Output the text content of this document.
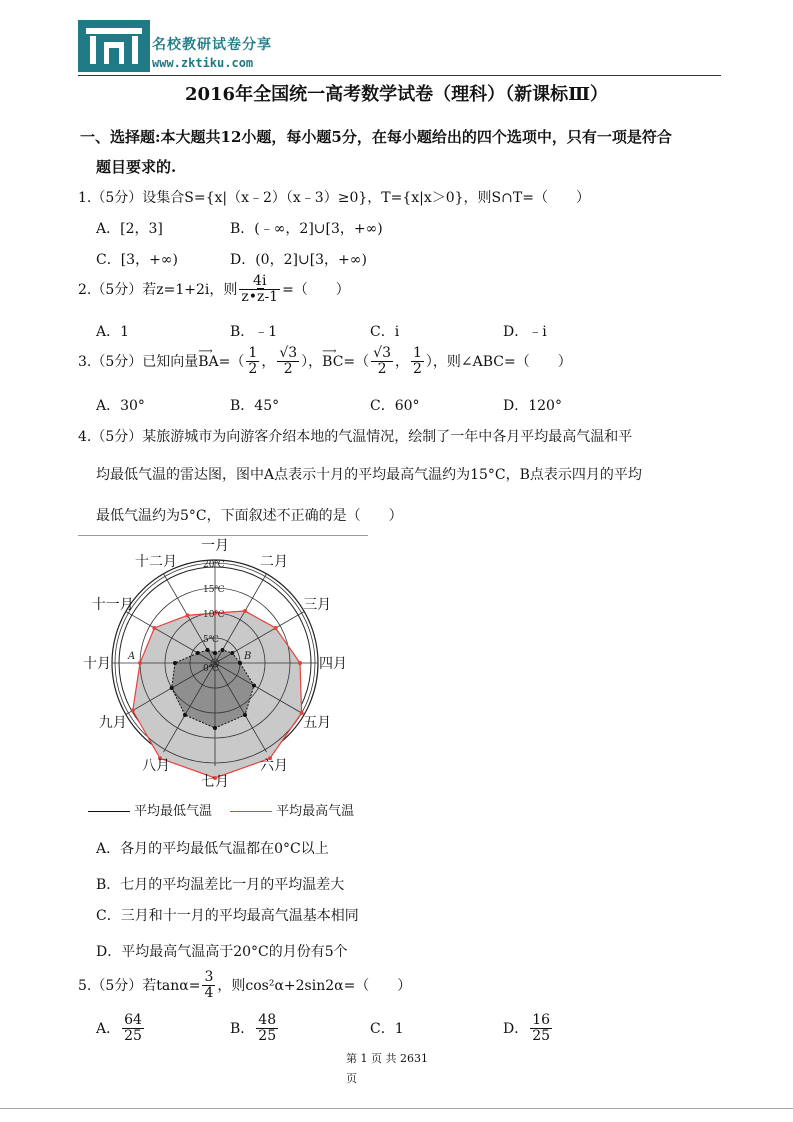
名校教研试卷分享
www.zktiku.com
2016年全国统一高考数学试卷（理科）（新课标Ⅲ）
一、选择题:本大题共12小题，每小题5分，在每小题给出的四个选项中，只有一项是符合
题目要求的.
1.（5分）设集合S={x|（x﹣2）（x﹣3）≥0}，T={x|x＞0}，则S∩T=（　　）
A．[2，3]	B．(﹣∞，2]∪[3，+∞)
C．[3，+∞)	D．(0，2]∪[3，+∞)
2.（5分）若z=1+2i，则 $\frac{4i}{z•z-1}$ =（　　）
A．1	B．﹣1	C．i	D．﹣i
3.（5分）已知向量
⟶
$BA=( \frac{1}{2}$ ， $\frac{√3}{2}$ ），
⟶
$BC=( \frac{√3}{2}$ ， $\frac{1}{2}$ ），则∠ABC=（　　）
A．30°	B．45°	C．60°	D．120°
4.（5分）某旅游城市为向游客介绍本地的气温情况，绘制了一年中各月平均最高气温和平
均最低气温的雷达图，图中A点表示十月的平均最高气温约为15°C，B点表示四月的平均
最低气温约为5°C，下面叙述不正确的是（　　）
0℃
5℃
10℃
15℃
20℃
A	B
一月
二月
三月
四月
五月
六月
七月
八月
九月
十月
十一月
十二月
平均最低气温	平均最高气温
A．各月的平均最低气温都在0°C以上
B．七月的平均温差比一月的平均温差大
C．三月和十一月的平均最高气温基本相同
D．平均最高气温高于20°C的月份有5个
5.（5分）若$\tan\alpha= \frac{3}{4}$ ，则cos²α+2sin2α=（　　）
A． $\frac{64}{25}$	B． $\frac{48}{25}$	C．1	D． $\frac{16}{25}$
第 1 页 共 2631
页
